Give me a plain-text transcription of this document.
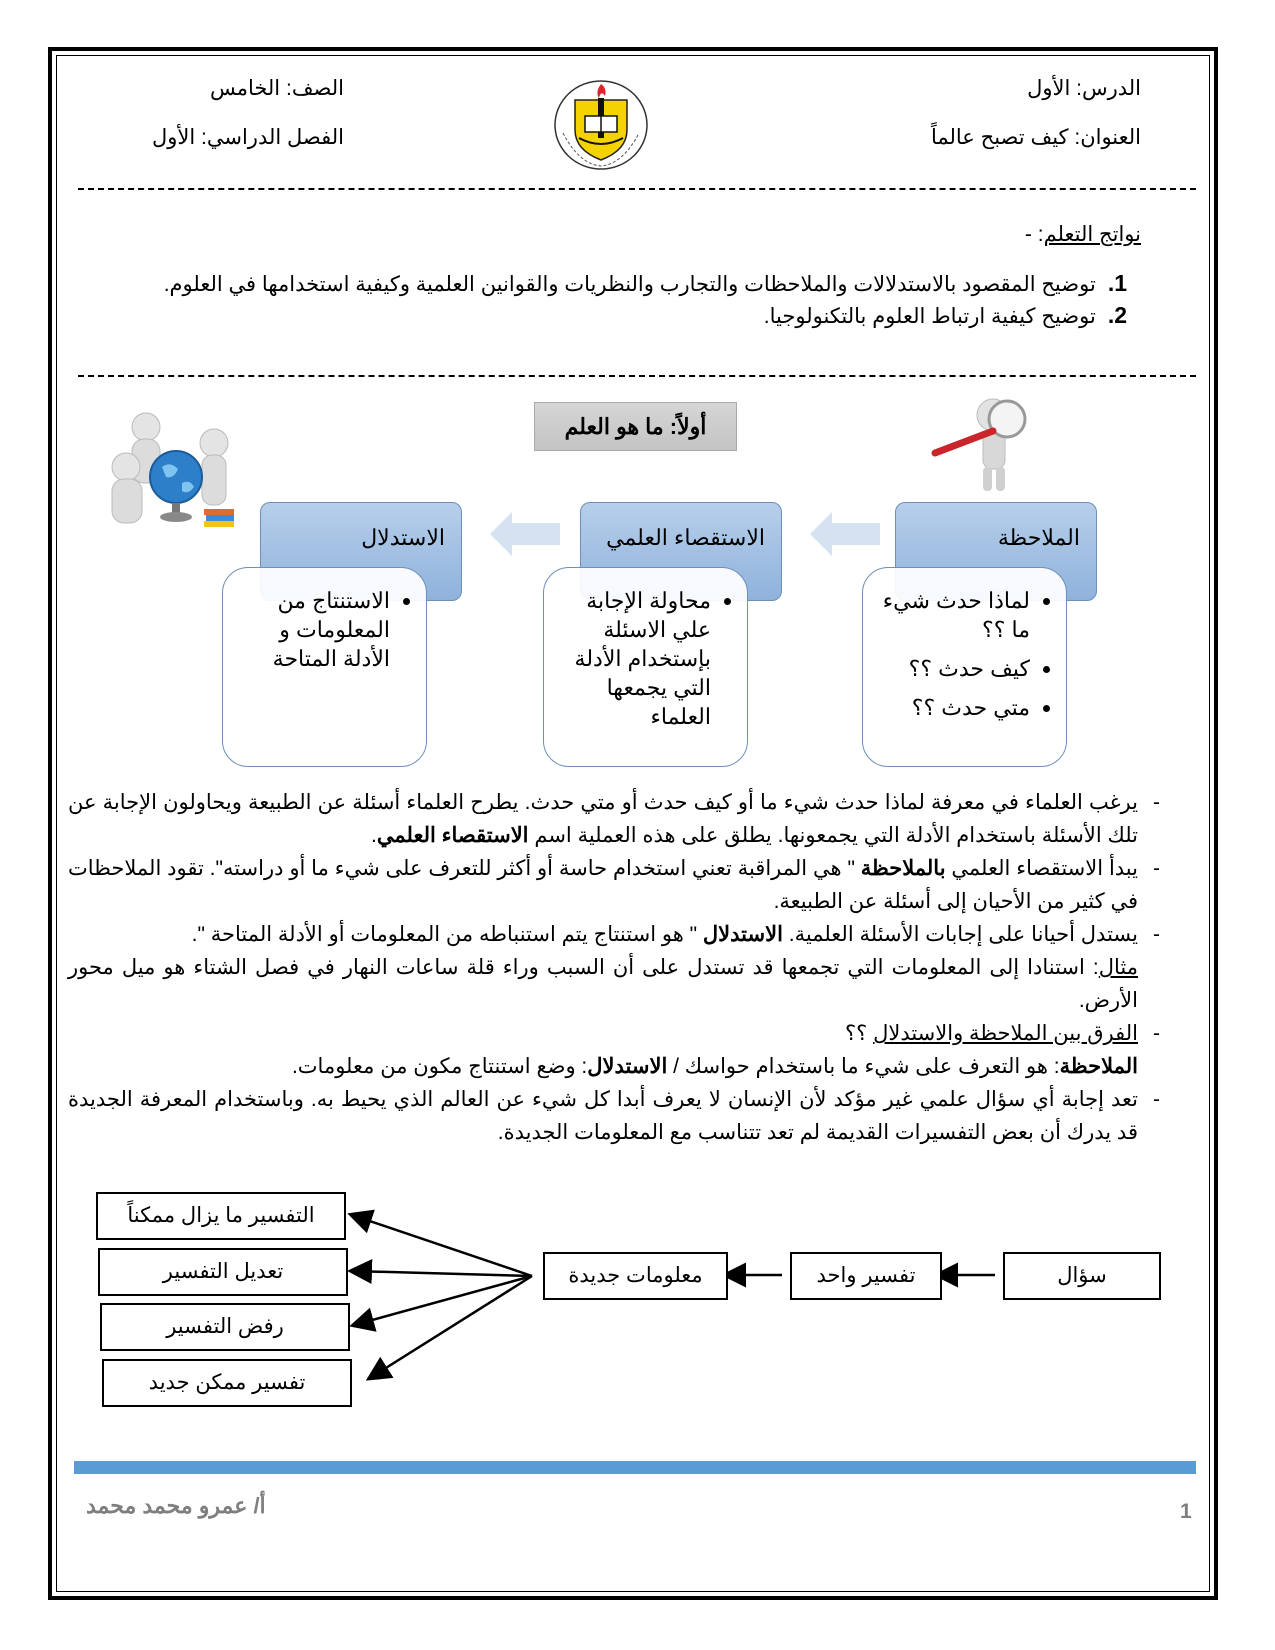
الدرس: الأول
العنوان: كيف تصبح عالماً
الصف: الخامس
الفصل الدراسي: الأول
نواتج التعلم: -
1.توضيح المقصود بالاستدلالات والملاحظات والتجارب والنظريات والقوانين العلمية وكيفية استخدامها في العلوم.
2.توضيح كيفية ارتباط العلوم بالتكنولوجيا.
أولاً: ما هو العلم
الملاحظة
• لماذا حدث شيء ما ؟؟
• كيف حدث ؟؟
• متي حدث ؟؟
الاستقصاء العلمي
• محاولة الإجابة علي الاسئلة بإستخدام الأدلة التي يجمعها العلماء
الاستدلال
• الاستنتاج من المعلومات و الأدلة المتاحة
-
يرغب العلماء في معرفة لماذا حدث شيء ما أو كيف حدث أو متي حدث. يطرح العلماء أسئلة عن الطبيعة ويحاولون الإجابة عن تلك الأسئلة باستخدام الأدلة التي يجمعونها. يطلق على هذه العملية اسم الاستقصاء العلمي.
-
يبدأ الاستقصاء العلمي بالملاحظة " هي المراقبة تعني استخدام حاسة أو أكثر للتعرف على شيء ما أو دراسته". تقود الملاحظات في كثير من الأحيان إلى أسئلة عن الطبيعة.
-
يستدل أحيانا على إجابات الأسئلة العلمية. الاستدلال " هو استنتاج يتم استنباطه من المعلومات أو الأدلة المتاحة ".
مثال: استنادا إلى المعلومات التي تجمعها قد تستدل على أن السبب وراء قلة ساعات النهار في فصل الشتاء هو ميل محور الأرض.
-
الفرق بين الملاحظة والاستدلال ؟؟
الملاحظة: هو التعرف على شيء ما باستخدام حواسك / الاستدلال: وضع استنتاج مكون من معلومات.
-
تعد إجابة أي سؤال علمي غير مؤكد لأن الإنسان لا يعرف أبدا كل شيء عن العالم الذي يحيط به. وباستخدام المعرفة الجديدة قد يدرك أن بعض التفسيرات القديمة لم تعد تتناسب مع المعلومات الجديدة.
سؤال
تفسير واحد
معلومات جديدة
التفسير ما يزال ممكناً
تعديل التفسير
رفض التفسير
تفسير ممكن جديد
أ/ عمرو محمد محمد	1
